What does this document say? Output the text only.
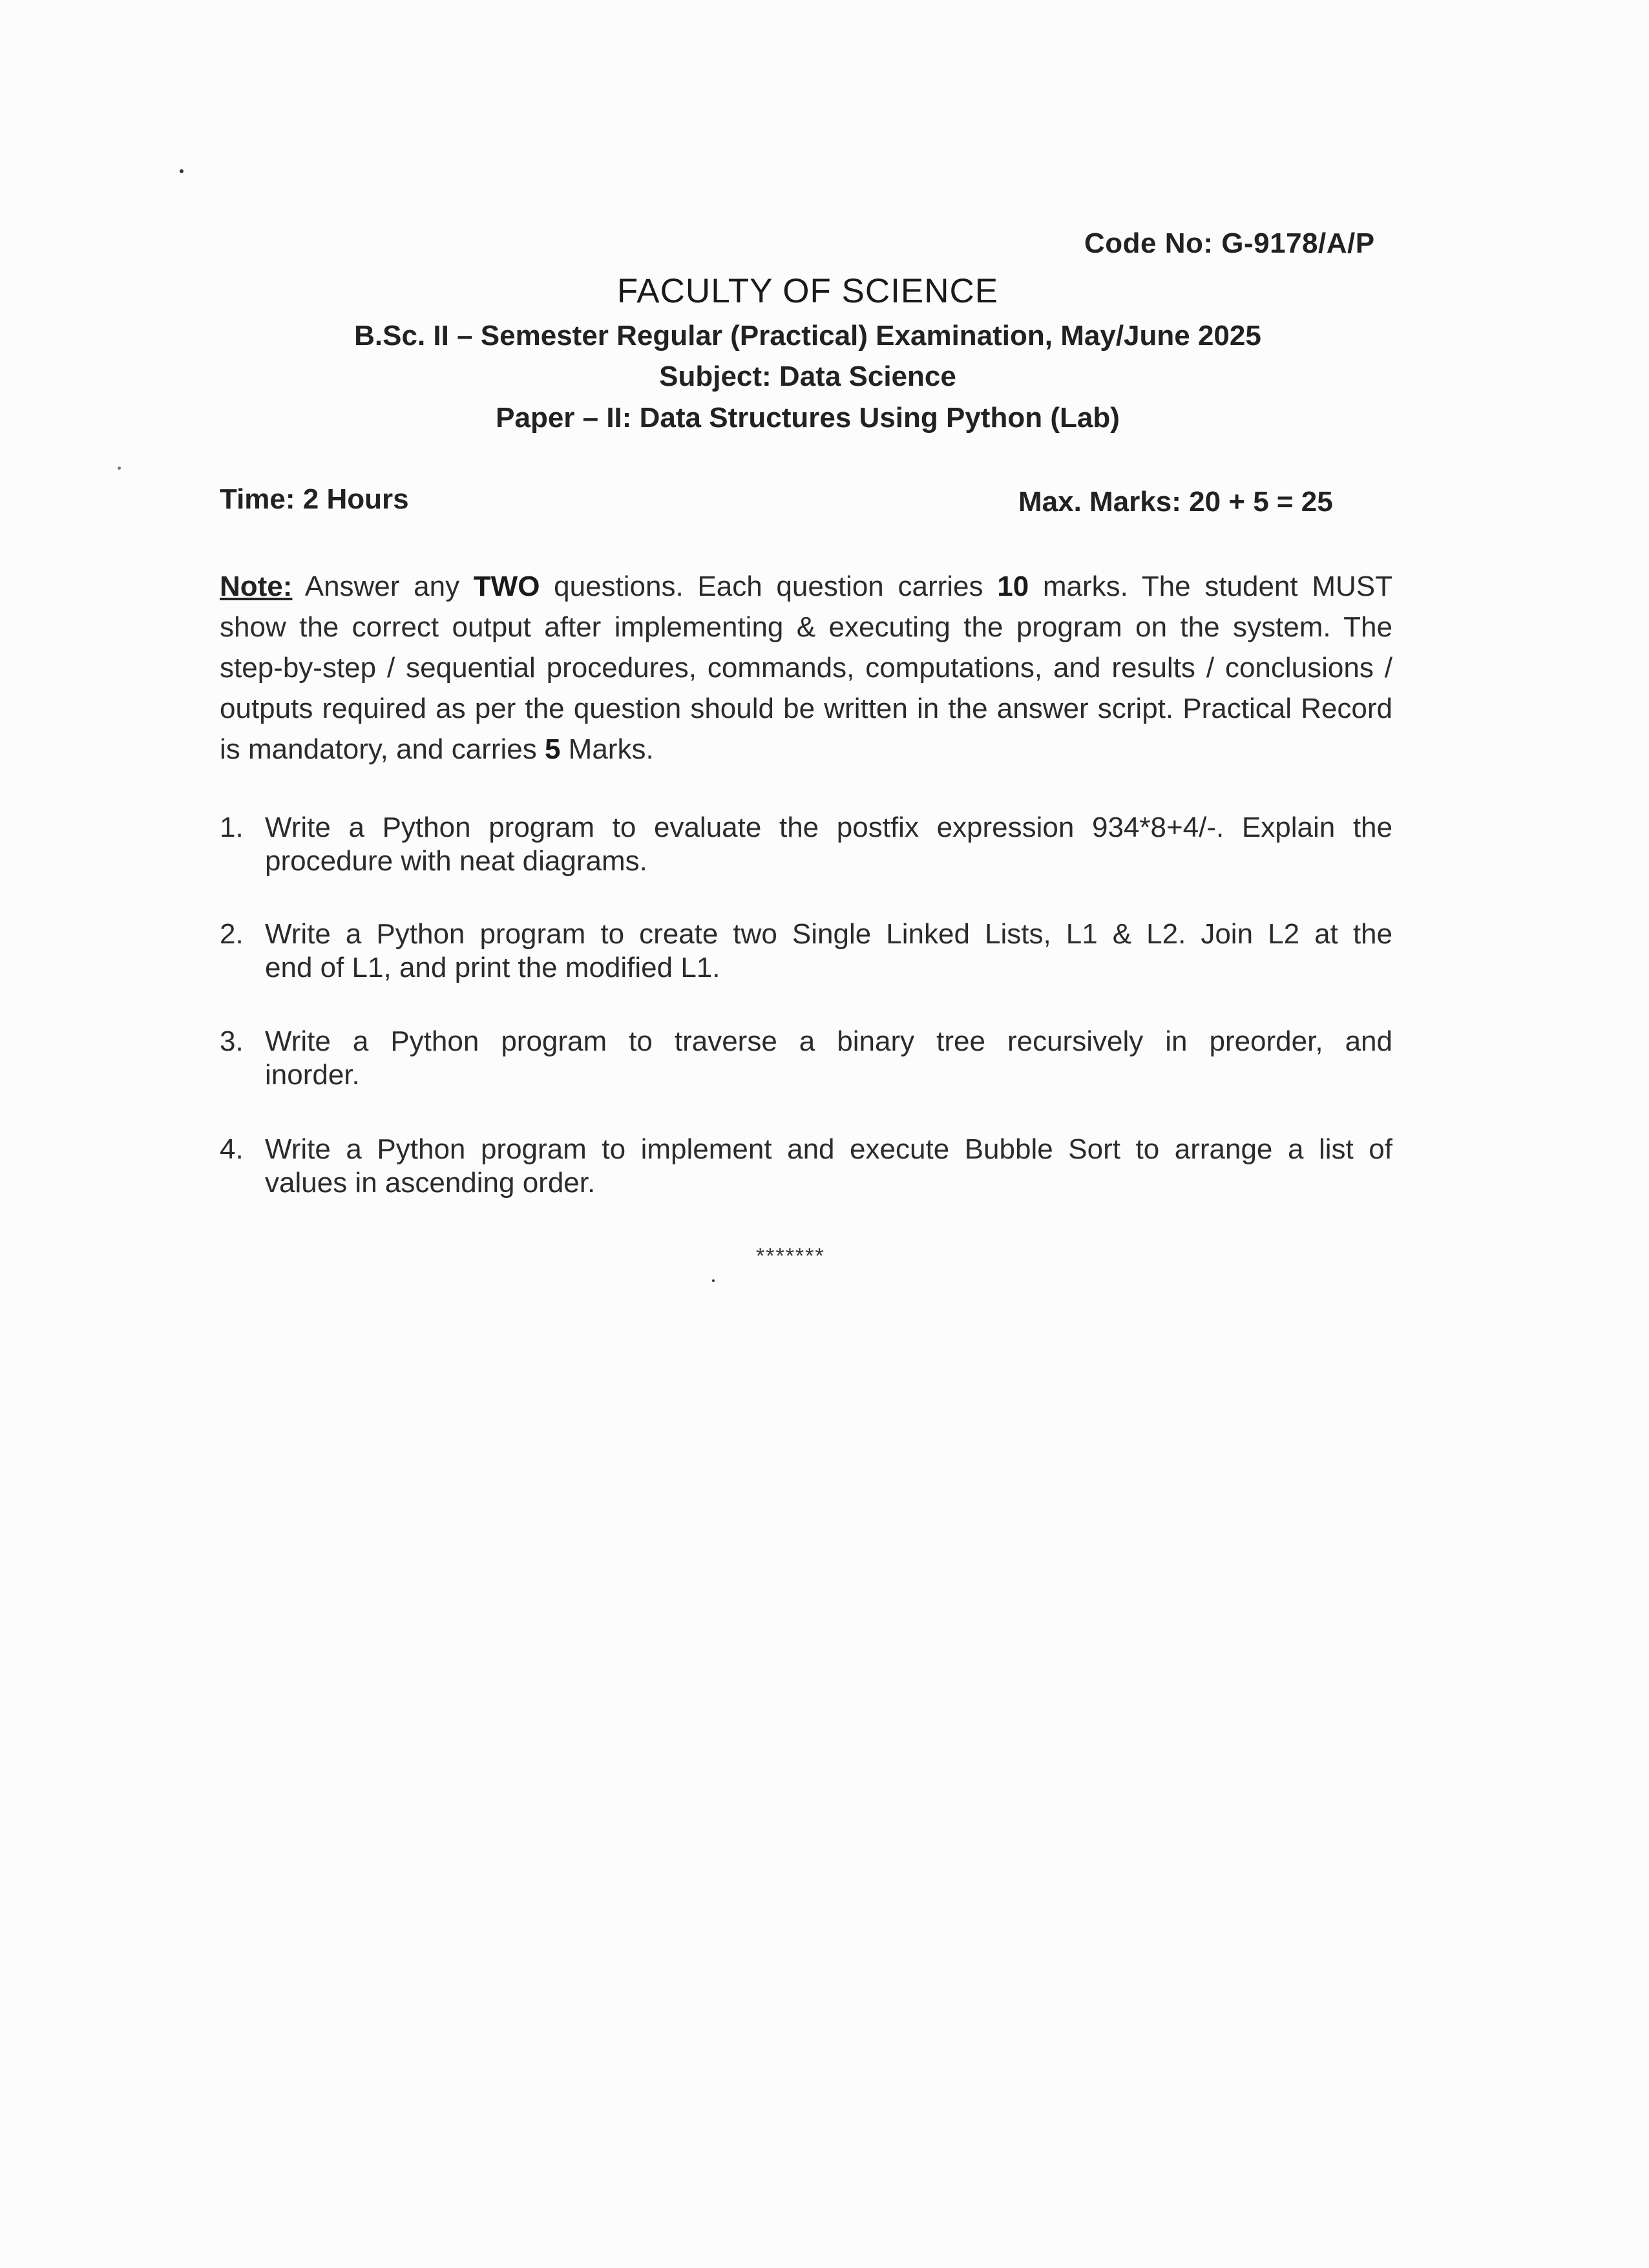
Code No: G-9178/A/P
FACULTY OF SCIENCE
B.Sc. II – Semester Regular (Practical) Examination, May/June 2025
Subject: Data Science
Paper – II: Data Structures Using Python (Lab)
Time: 2 Hours	Max. Marks: 20 + 5 = 25
Note: Answer any TWO questions. Each question carries 10 marks. The student MUST show the correct output after implementing & executing the program on the system. The step-by-step / sequential procedures, commands, computations, and results / conclusions / outputs required as per the question should be written in the answer script. Practical Record is mandatory, and carries 5 Marks.
1. Write a Python program to evaluate the postfix expression 934*8+4/-. Explain the
procedure with neat diagrams.
2. Write a Python program to create two Single Linked Lists, L1 & L2. Join L2 at the
end of L1, and print the modified L1.
3. Write a Python program to traverse a binary tree recursively in preorder, and
inorder.
4. Write a Python program to implement and execute Bubble Sort to arrange a list of
values in ascending order.
*******
